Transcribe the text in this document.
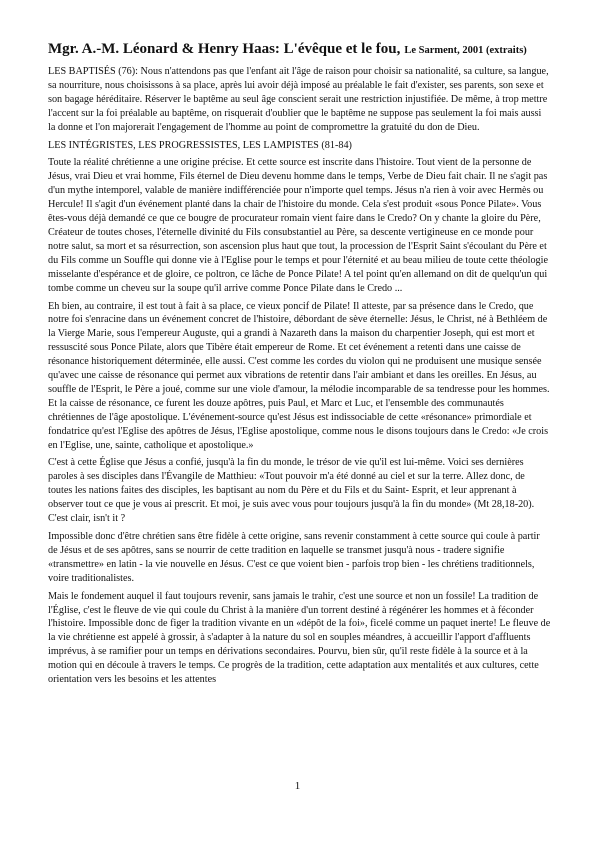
Mgr. A.-M. Léonard & Henry Haas: L'évêque et le fou, Le Sarment, 2001 (extraits)

LES BAPTISÉS (76): Nous n'attendons pas que l'enfant ait l'âge de raison pour choisir sa nationalité, sa culture, sa langue, sa nourriture, nous choisissons à sa place, après lui avoir déjà imposé au préalable le fait d'exister, ses parents, son sexe et son bagage héréditaire. Réserver le baptême au seul âge conscient serait une restriction injustifiée. De même, à trop mettre l'accent sur la foi préalable au baptême, on risquerait d'oublier que le baptême ne suppose pas seulement la foi mais aussi la donne et l'on majorerait l'engagement de l'homme au point de compromettre la gratuité du don de Dieu.

LES INTÉGRISTES, LES PROGRESSISTES, LES LAMPISTES (81-84)

Toute la réalité chrétienne a une origine précise. Et cette source est inscrite dans l'histoire. Tout vient de la personne de Jésus, vrai Dieu et vrai homme, Fils éternel de Dieu devenu homme dans le temps, Verbe de Dieu fait chair. Il ne s'agit pas d'un mythe intemporel, valable de manière indifférenciée pour n'importe quel temps. Jésus n'a rien à voir avec Hermès ou Hercule! Il s'agit d'un événement planté dans la chair de l'histoire du monde. Cela s'est produit «sous Ponce Pilate». Vous êtes-vous déjà demandé ce que ce bougre de procurateur romain vient faire dans le Credo? On y chante la gloire du Père, Créateur de toutes choses, l'éternelle divinité du Fils consubstantiel au Père, sa descente vertigineuse en ce monde pour notre salut, sa mort et sa résurrection, son ascension plus haut que tout, la procession de l'Esprit Saint s'écoulant du Père et du Fils comme un Souffle qui donne vie à l'Eglise pour le temps et pour l'éternité et au beau milieu de toute cette théologie misselante d'espérance et de gloire, ce poltron, ce lâche de Ponce Pilate! A tel point qu'en allemand on dit de quelqu'un qui tombe comme un cheveu sur la soupe qu'il arrive comme Ponce Pilate dans le Credo ...

Eh bien, au contraire, il est tout à fait à sa place, ce vieux poncif de Pilate! Il atteste, par sa présence dans le Credo, que notre foi s'enracine dans un événement concret de l'histoire, débordant de sève éternelle: Jésus, le Christ, né à Bethléem de la Vierge Marie, sous l'empereur Auguste, qui a grandi à Nazareth dans la maison du charpentier Joseph, qui est mort et ressuscité sous Ponce Pilate, alors que Tibère était empereur de Rome. Et cet événement a retenti dans une caisse de résonance historiquement déterminée, elle aussi. C'est comme les cordes du violon qui ne produisent une musique sensée qu'avec une caisse de résonance qui permet aux vibrations de retentir dans l'air ambiant et dans les oreilles. En Jésus, au souffle de l'Esprit, le Père a joué, comme sur une viole d'amour, la mélodie incomparable de sa tendresse pour les hommes. Et la caisse de résonance, ce furent les douze apôtres, puis Paul, et Marc et Luc, et l'ensemble des communautés chrétiennes de l'âge apostolique. L'événement-source qu'est Jésus est indissociable de cette «résonance» primordiale et fondatrice qu'est l'Eglise des apôtres de Jésus, l'Eglise apostolique, comme nous le disons toujours dans le Credo: «Je crois en l'Eglise, une, sainte, catholique et apostolique.»

C'est à cette Église que Jésus a confié, jusqu'à la fin du monde, le trésor de vie qu'il est lui-même. Voici ses dernières paroles à ses disciples dans l'Évangile de Matthieu: «Tout pouvoir m'a été donné au ciel et sur la terre. Allez donc, de toutes les nations faites des disciples, les baptisant au nom du Père et du Fils et du Saint- Esprit, et leur apprenant à observer tout ce que je vous ai prescrit. Et moi, je suis avec vous pour toujours jusqu'à la fin du monde» (Mt 28,18-20). C'est clair, isn't it ?

Impossible donc d'être chrétien sans être fidèle à cette origine, sans revenir constamment à cette source qui coule à partir de Jésus et de ses apôtres, sans se nourrir de cette tradition en laquelle se transmet jusqu'à nous - tradere signifie «transmettre» en latin - la vie nouvelle en Jésus. C'est ce que voient bien - parfois trop bien - les chrétiens traditionnels, voire traditionalistes.

Mais le fondement auquel il faut toujours revenir, sans jamais le trahir, c'est une source et non un fossile! La tradition de l'Église, c'est le fleuve de vie qui coule du Christ à la manière d'un torrent destiné à régénérer les hommes et à féconder l'histoire. Impossible donc de figer la tradition vivante en un «dépôt de la foi», ficelé comme un paquet inerte! Le fleuve de la vie chrétienne est appelé à grossir, à s'adapter à la nature du sol en souples méandres, à accueillir l'apport d'affluents imprévus, à se ramifier pour un temps en dérivations secondaires. Pourvu, bien sûr, qu'il reste fidèle à la source et à la motion qui en découle à travers le temps. Ce progrès de la tradition, cette adaptation aux mentalités et aux cultures, cette orientation vers les besoins et les attentes

1
